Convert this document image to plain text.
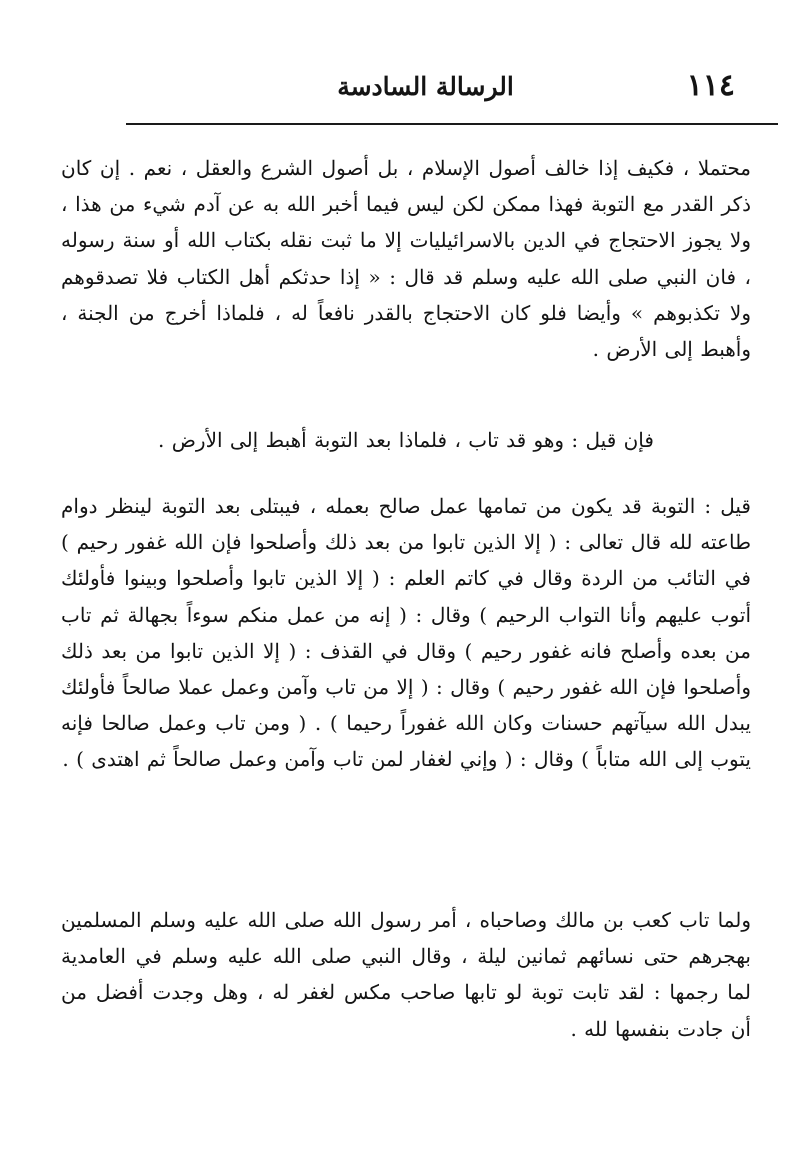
١١٤
الرسالة السادسة

محتملا ، فكيف إذا خالف أصول الإسلام ، بل أصول الشرع والعقل ، نعم . إن كان ذكر القدر مع التوبة فهذا ممكن لكن ليس فيما أخبر الله به عن آدم شيء من هذا ، ولا يجوز الاحتجاج في الدين بالاسرائيليات إلا ما ثبت نقله بكتاب الله أو سنة رسوله ، فان النبي صلى الله عليه وسلم قد قال : « إذا حدثكم أهل الكتاب فلا تصدقوهم ولا تكذبوهم » وأيضا فلو كان الاحتجاج بالقدر نافعاً له ، فلماذا أخرج من الجنة ، وأهبط إلى الأرض .

فإن قيل : وهو قد تاب ، فلماذا بعد التوبة أهبط إلى الأرض .

قيل : التوبة قد يكون من تمامها عمل صالح بعمله ، فيبتلى بعد التوبة لينظر دوام طاعته لله قال تعالى : ( إلا الذين تابوا من بعد ذلك وأصلحوا فإن الله غفور رحيم ) في التائب من الردة وقال في كاتم العلم : ( إلا الذين تابوا وأصلحوا وبينوا فأولئك أتوب عليهم وأنا التواب الرحيم ) وقال : ( إنه من عمل منكم سوءاً بجهالة ثم تاب من بعده وأصلح فانه غفور رحيم ) وقال في القذف : ( إلا الذين تابوا من بعد ذلك وأصلحوا فإن الله غفور رحيم ) وقال : ( إلا من تاب وآمن وعمل عملا صالحاً فأولئك يبدل الله سيآتهم حسنات وكان الله غفوراً رحيما ) . ( ومن تاب وعمل صالحا فإنه يتوب إلى الله متاباً ) وقال : ( وإني لغفار لمن تاب وآمن وعمل صالحاً ثم اهتدى ) .

ولما تاب كعب بن مالك وصاحباه ، أمر رسول الله صلى الله عليه وسلم المسلمين بهجرهم حتى نسائهم ثمانين ليلة ، وقال النبي صلى الله عليه وسلم في العامدية لما رجمها : لقد تابت توبة لو تابها صاحب مكس لغفر له ، وهل وجدت أفضل من أن جادت بنفسها لله .
